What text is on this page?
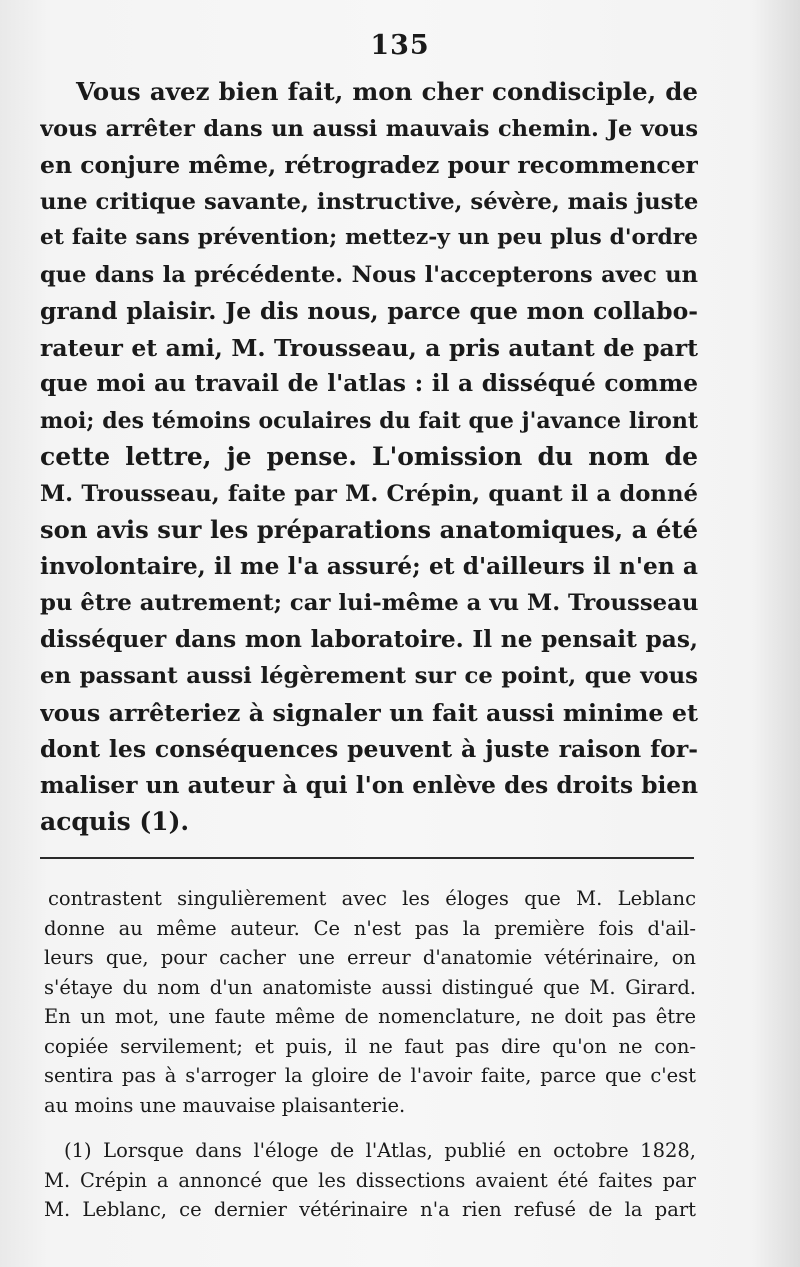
135
Vous avez bien fait, mon cher condisciple, de
vous arrêter dans un aussi mauvais chemin. Je vous
en conjure même, rétrogradez pour recommencer
une critique savante, instructive, sévère, mais juste
et faite sans prévention; mettez-y un peu plus d'ordre
que dans la précédente. Nous l'accepterons avec un
grand plaisir. Je dis nous, parce que mon collabo-
rateur et ami, M. Trousseau, a pris autant de part
que moi au travail de l'atlas : il a disséqué comme
moi; des témoins oculaires du fait que j'avance liront
cette lettre, je pense. L'omission du nom de
M. Trousseau, faite par M. Crépin, quant il a donné
son avis sur les préparations anatomiques, a été
involontaire, il me l'a assuré; et d'ailleurs il n'en a
pu être autrement; car lui-même a vu M. Trousseau
disséquer dans mon laboratoire. Il ne pensait pas,
en passant aussi légèrement sur ce point, que vous
vous arrêteriez à signaler un fait aussi minime et
dont les conséquences peuvent à juste raison for-
maliser un auteur à qui l'on enlève des droits bien
acquis (1).
contrastent singulièrement avec les éloges que M. Leblanc
donne au même auteur. Ce n'est pas la première fois d'ail-
leurs que, pour cacher une erreur d'anatomie vétérinaire, on
s'étaye du nom d'un anatomiste aussi distingué que M. Girard.
En un mot, une faute même de nomenclature, ne doit pas être
copiée servilement; et puis, il ne faut pas dire qu'on ne con-
sentira pas à s'arroger la gloire de l'avoir faite, parce que c'est
au moins une mauvaise plaisanterie.
(1) Lorsque dans l'éloge de l'Atlas, publié en octobre 1828,
M. Crépin a annoncé que les dissections avaient été faites par
M. Leblanc, ce dernier vétérinaire n'a rien refusé de la part
